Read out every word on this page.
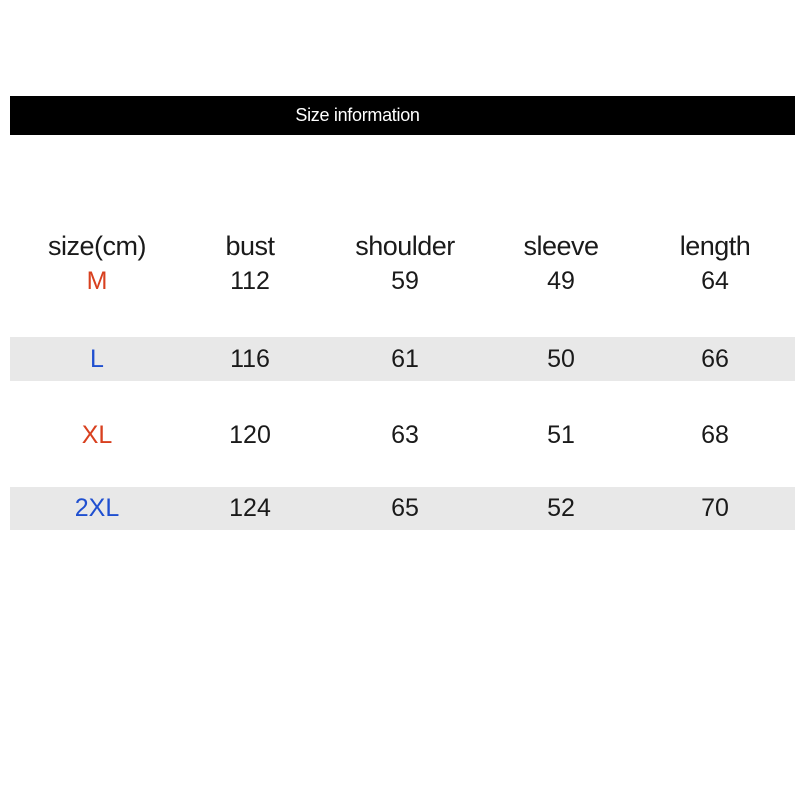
Size information
size(cm)	bust	shoulder	sleeve	length
M	112	59	49	64
L	116	61	50	66
XL	120	63	51	68
2XL	124	65	52	70
